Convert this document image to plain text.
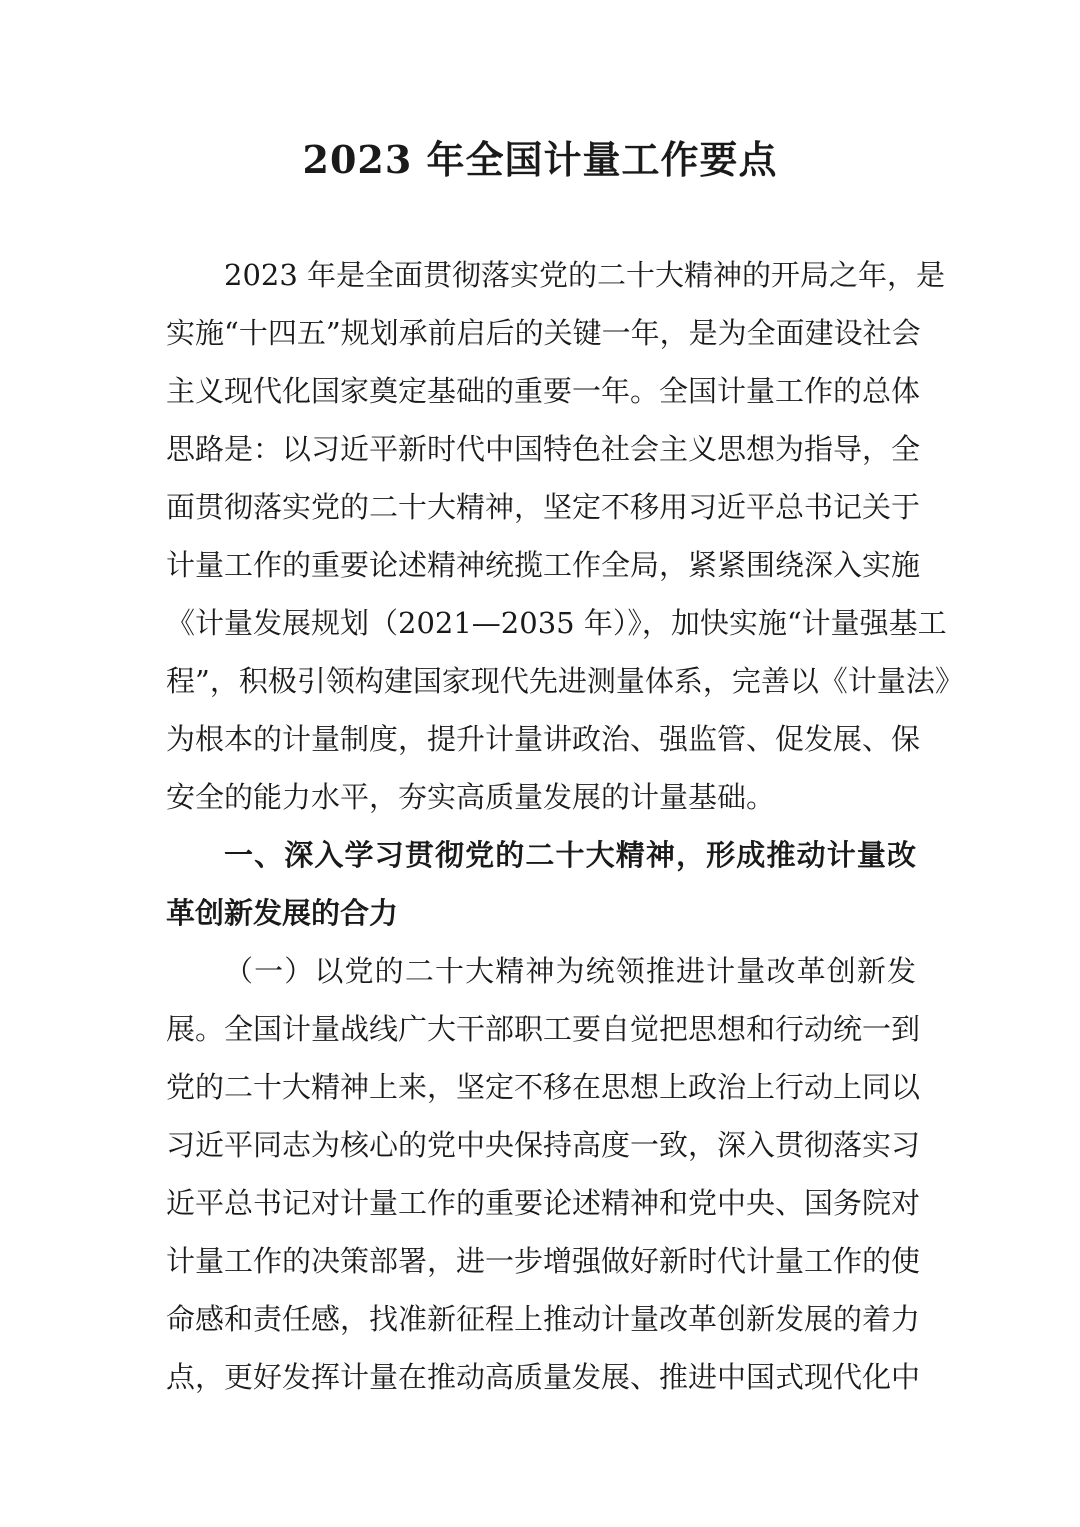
2023 年全国计量工作要点
2023 年是全面贯彻落实党的二十大精神的开局之年，是
实施“十四五”规划承前启后的关键一年，是为全面建设社会
主义现代化国家奠定基础的重要一年。全国计量工作的总体
思路是：以习近平新时代中国特色社会主义思想为指导，全
面贯彻落实党的二十大精神，坚定不移用习近平总书记关于
计量工作的重要论述精神统揽工作全局，紧紧围绕深入实施
《计量发展规划（2021—2035 年）》，加快实施“计量强基工
程”，积极引领构建国家现代先进测量体系，完善以《计量法》
为根本的计量制度，提升计量讲政治、强监管、促发展、保
安全的能力水平，夯实高质量发展的计量基础。
一、深入学习贯彻党的二十大精神，形成推动计量改
革创新发展的合力
（一）以党的二十大精神为统领推进计量改革创新发
展。全国计量战线广大干部职工要自觉把思想和行动统一到
党的二十大精神上来，坚定不移在思想上政治上行动上同以
习近平同志为核心的党中央保持高度一致，深入贯彻落实习
近平总书记对计量工作的重要论述精神和党中央、国务院对
计量工作的决策部署，进一步增强做好新时代计量工作的使
命感和责任感，找准新征程上推动计量改革创新发展的着力
点，更好发挥计量在推动高质量发展、推进中国式现代化中
